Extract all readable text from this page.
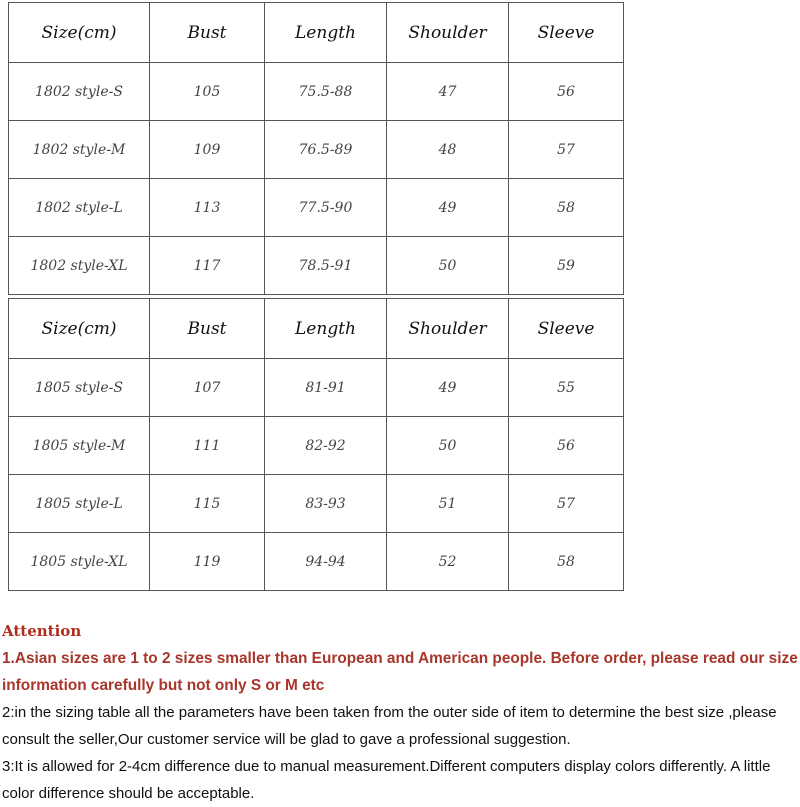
Size(cm)	Bust	Length	Shoulder	Sleeve
1802 style-S	105	75.5-88	47	56
1802 style-M	109	76.5-89	48	57
1802 style-L	113	77.5-90	49	58
1802 style-XL	117	78.5-91	50	59
Size(cm)	Bust	Length	Shoulder	Sleeve
1805 style-S	107	81-91	49	55
1805 style-M	111	82-92	50	56
1805 style-L	115	83-93	51	57
1805 style-XL	119	94-94	52	58
Attention
1.Asian sizes are 1 to 2 sizes smaller than European and American people. Before order, please read our size
information carefully but not only S or M etc
2:in the sizing table all the parameters have been taken from the outer side of item to determine the best size ,please
consult the seller,Our customer service will be glad to gave a professional suggestion.
3:It is allowed for 2-4cm difference due to manual measurement.Different computers display colors differently. A little
color difference should be acceptable.
